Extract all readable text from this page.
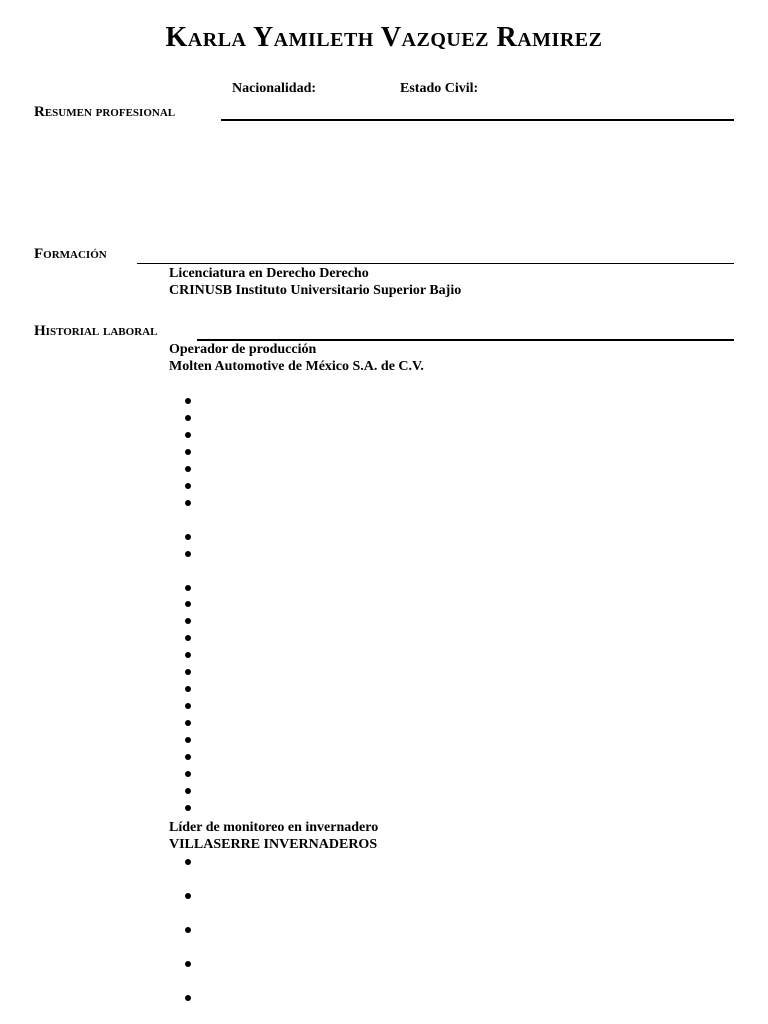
Karla Yamileth Vazquez Ramirez
Nacionalidad:	Estado Civil:
Resumen profesional
Formación
Licenciatura en Derecho Derecho
CRINUSB Instituto Universitario Superior Bajio
Historial laboral
Operador de producción
Molten Automotive de México S.A. de C.V.
Líder de monitoreo en invernadero
VILLASERRE INVERNADEROS
